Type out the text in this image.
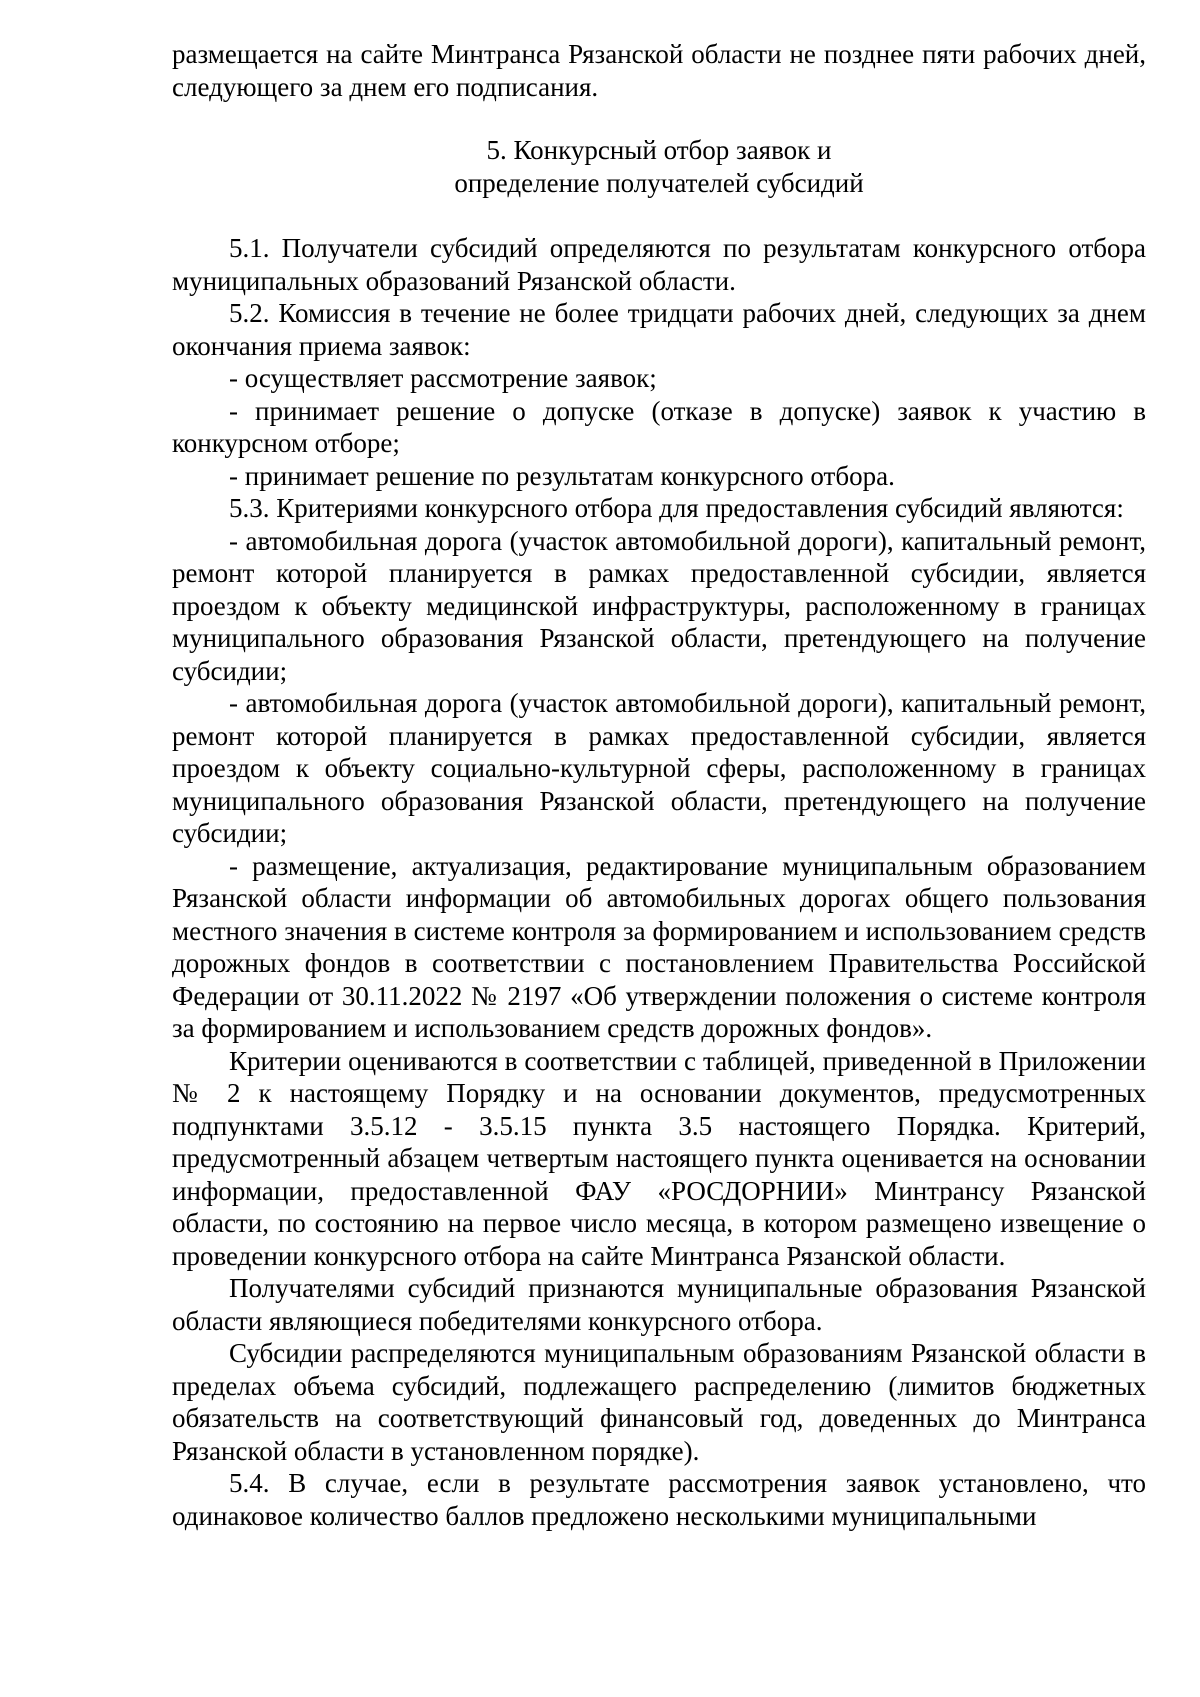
размещается на сайте Минтранса Рязанской области не позднее пяти рабочих дней, следующего за днем его подписания.

5. Конкурсный отбор заявок и

определение получателей субсидий

5.1. Получатели субсидий определяются по результатам конкурсного отбора муниципальных образований Рязанской области.

5.2. Комиссия в течение не более тридцати рабочих дней, следующих за днем окончания приема заявок:

- осуществляет рассмотрение заявок;

- принимает решение о допуске (отказе в допуске) заявок к участию в конкурсном отборе;

- принимает решение по результатам конкурсного отбора.

5.3. Критериями конкурсного отбора для предоставления субсидий являются:

- автомобильная дорога (участок автомобильной дороги), капитальный ремонт, ремонт которой планируется в рамках предоставленной субсидии, является проездом к объекту медицинской инфраструктуры, расположенному в границах муниципального образования Рязанской области, претендующего на получение субсидии;

- автомобильная дорога (участок автомобильной дороги), капитальный ремонт, ремонт которой планируется в рамках предоставленной субсидии, является проездом к объекту социально-культурной сферы, расположенному в границах муниципального образования Рязанской области, претендующего на получение субсидии;

- размещение, актуализация, редактирование муниципальным образованием Рязанской области информации об автомобильных дорогах общего пользования местного значения в системе контроля за формированием и использованием средств дорожных фондов в соответствии с постановлением Правительства Российской Федерации от 30.11.2022 № 2197 «Об утверждении положения о системе контроля за формированием и использованием средств дорожных фондов».

Критерии оцениваются в соответствии с таблицей, приведенной в Приложении № 2 к настоящему Порядку и на основании документов, предусмотренных подпунктами 3.5.12 - 3.5.15 пункта 3.5 настоящего Порядка. Критерий, предусмотренный абзацем четвертым настоящего пункта оценивается на основании информации, предоставленной ФАУ «РОСДОРНИИ» Минтрансу Рязанской области, по состоянию на первое число месяца, в котором размещено извещение о проведении конкурсного отбора на сайте Минтранса Рязанской области.

Получателями субсидий признаются муниципальные образования Рязанской области являющиеся победителями конкурсного отбора.

Субсидии распределяются муниципальным образованиям Рязанской области в пределах объема субсидий, подлежащего распределению (лимитов бюджетных обязательств на соответствующий финансовый год, доведенных до Минтранса Рязанской области в установленном порядке).

5.4. В случае, если в результате рассмотрения заявок установлено, что одинаковое количество баллов предложено несколькими муниципальными
